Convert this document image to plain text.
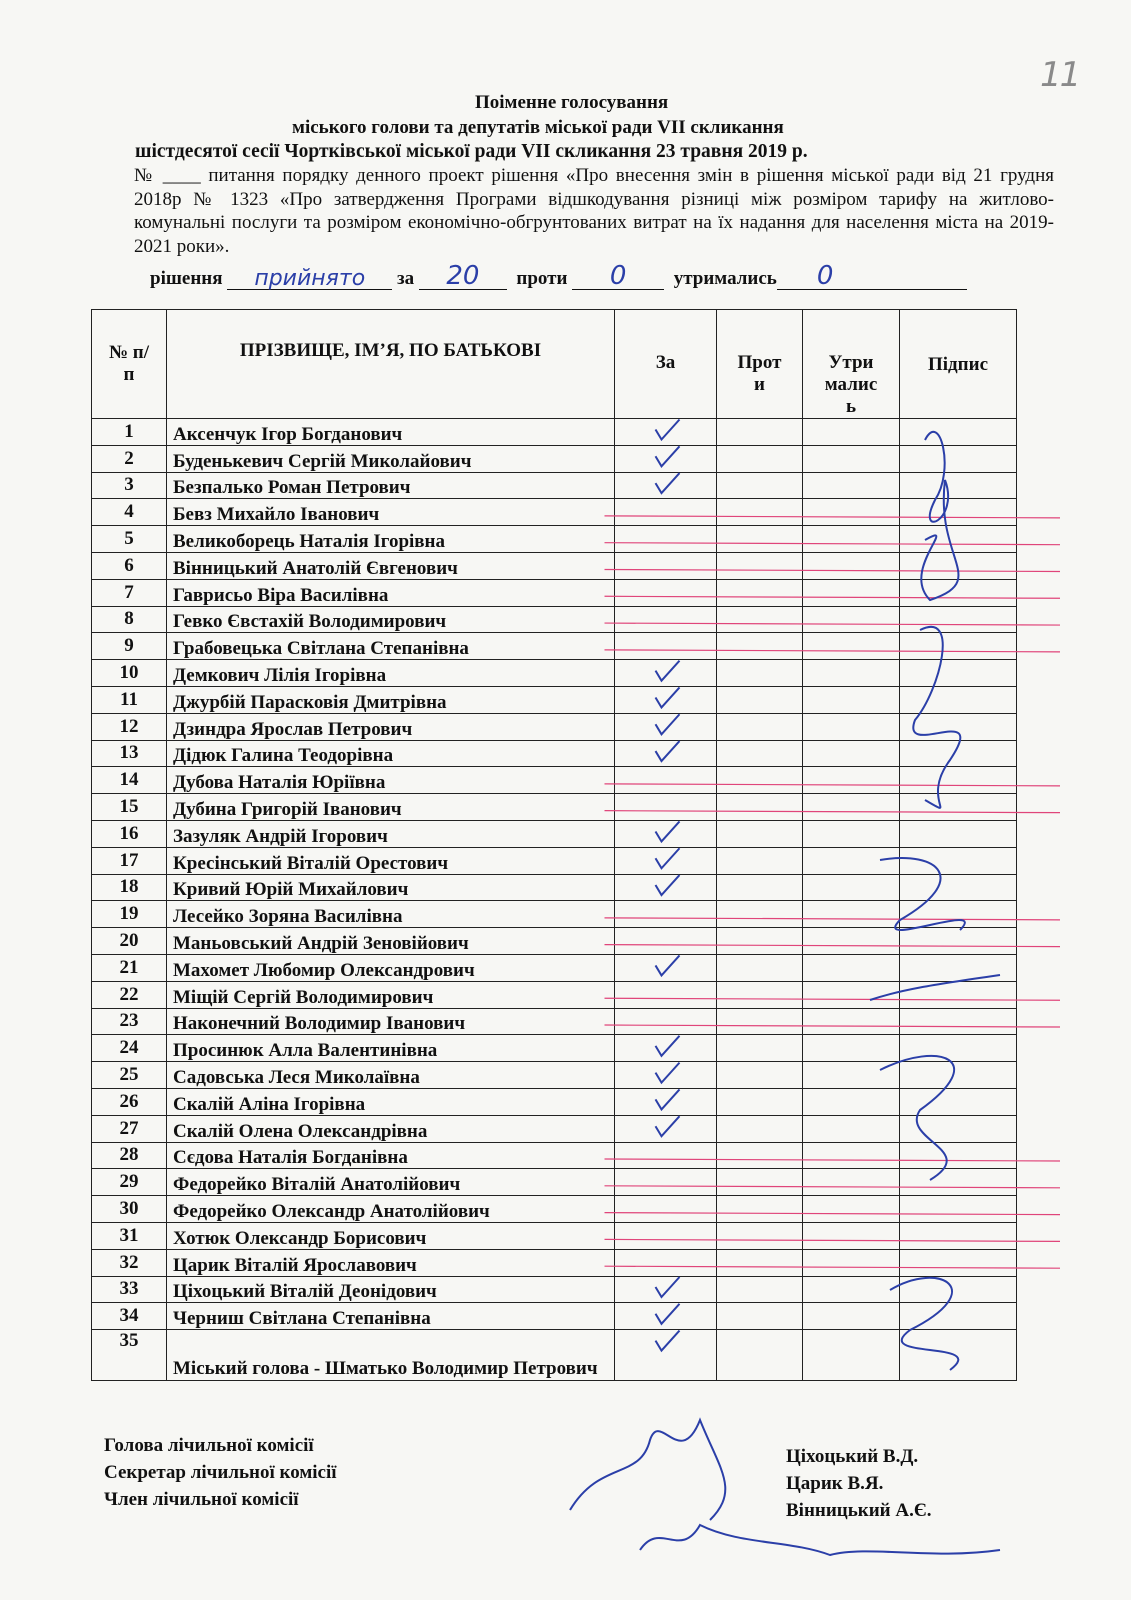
11
Поіменне голосування
міського голови та депутатів міської ради VII скликання
шістдесятої сесії Чортківської міської ради VII скликання 23 травня 2019 р.

№ ____ питання порядку денного проект рішення «Про внесення змін в рішення міської ради від 21 грудня 2018р № 1323 «Про затвердження Програми відшкодування різниці між розміром тарифу на житлово-комунальні послуги та розміром економічно-обгрунтованих витрат на їх надання для населення міста на 2019-2021 роки».

рішення	прийнято	за	20	проти	0	утримались 0
№ п/п	ПРІЗВИЩЕ, ІМ’Я, ПО БАТЬКОВІ	За	Прот и	Утри малис ь	Підпис
1	Аксенчук Ігор Богданович				
2	Буденькевич Сергій Миколайович				
3	Безпалько Роман Петрович				
4	Бевз Михайло Іванович				
5	Великоборець Наталія Ігорівна				
6	Вінницький Анатолій Євгенович				
7	Гаврисьо Віра Василівна				
8	Гевко Євстахій Володимирович				
9	Грабовецька Світлана Степанівна				
10	Демкович Лілія Ігорівна				
11	Джурбій Парасковія Дмитрівна				
12	Дзиндра Ярослав Петрович				
13	Дідюк Галина Теодорівна				
14	Дубова Наталія Юріївна				
15	Дубина Григорій Іванович				
16	Зазуляк Андрій Ігорович				
17	Кресінський Віталій Орестович				
18	Кривий Юрій Михайлович				
19	Лесейко Зоряна Василівна				
20	Маньовський Андрій Зеновійович				
21	Махомет Любомир Олександрович				
22	Міщій Сергій Володимирович				
23	Наконечний Володимир Іванович				
24	Просинюк Алла Валентинівна				
25	Садовська Леся Миколаївна				
26	Скалій Аліна Ігорівна				
27	Скалій Олена Олександрівна				
28	Сєдова Наталія Богданівна				
29	Федорейко Віталій Анатолійович				
30	Федорейко Олександр Анатолійович				
31	Хотюк Олександр Борисович				
32	Царик Віталій Ярославович				
33	Ціхоцький Віталій Деонідович				
34	Черниш Світлана Степанівна				
35	Міський голова - Шматько Володимир Петрович				
Голова лічильної комісії
Секретар лічильної комісії
Член лічильної комісії
Ціхоцький В.Д.
Царик В.Я.
Вінницький А.Є.
